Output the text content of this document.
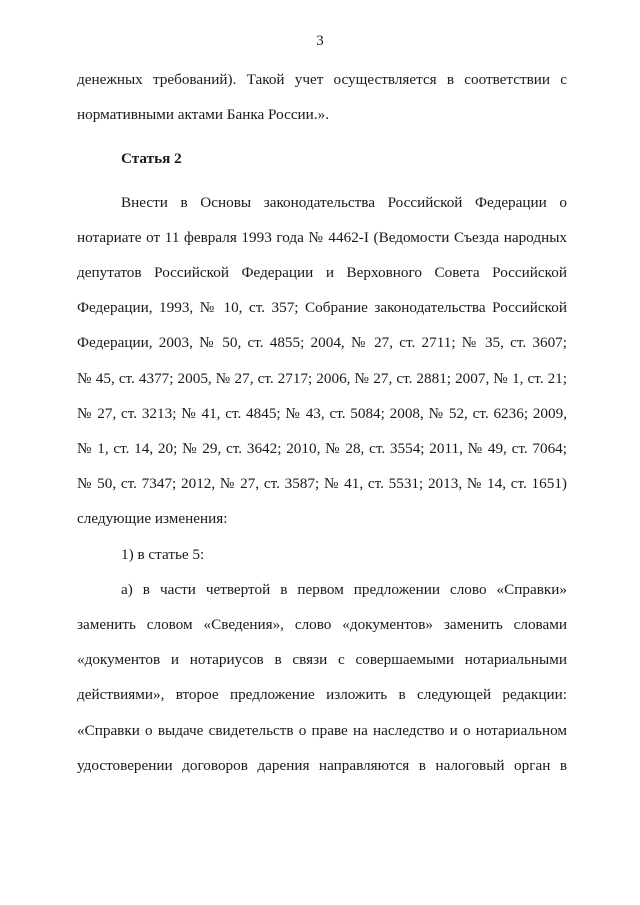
3
денежных требований). Такой учет осуществляется в соответствии с
нормативными актами Банка России.».

Статья 2

Внести в Основы законодательства Российской Федерации о
нотариате от 11 февраля 1993 года № 4462-I (Ведомости Съезда народных
депутатов Российской Федерации и Верховного Совета Российской
Федерации, 1993, № 10, ст. 357; Собрание законодательства Российской
Федерации, 2003, № 50, ст. 4855; 2004, № 27, ст. 2711; № 35, ст. 3607;
№ 45, ст. 4377; 2005, № 27, ст. 2717; 2006, № 27, ст. 2881; 2007, № 1, ст. 21;
№ 27, ст. 3213; № 41, ст. 4845; № 43, ст. 5084; 2008, № 52, ст. 6236; 2009,
№ 1, ст. 14, 20; № 29, ст. 3642; 2010, № 28, ст. 3554; 2011, № 49, ст. 7064;
№ 50, ст. 7347; 2012, № 27, ст. 3587; № 41, ст. 5531; 2013, № 14, ст. 1651)
следующие изменения:
1) в статье 5:
а) в части четвертой в первом предложении слово «Справки»
заменить словом «Сведения», слово «документов» заменить словами
«документов и нотариусов в связи с совершаемыми нотариальными
действиями», второе предложение изложить в следующей редакции:
«Справки о выдаче свидетельств о праве на наследство и о нотариальном
удостоверении договоров дарения направляются в налоговый орган в
